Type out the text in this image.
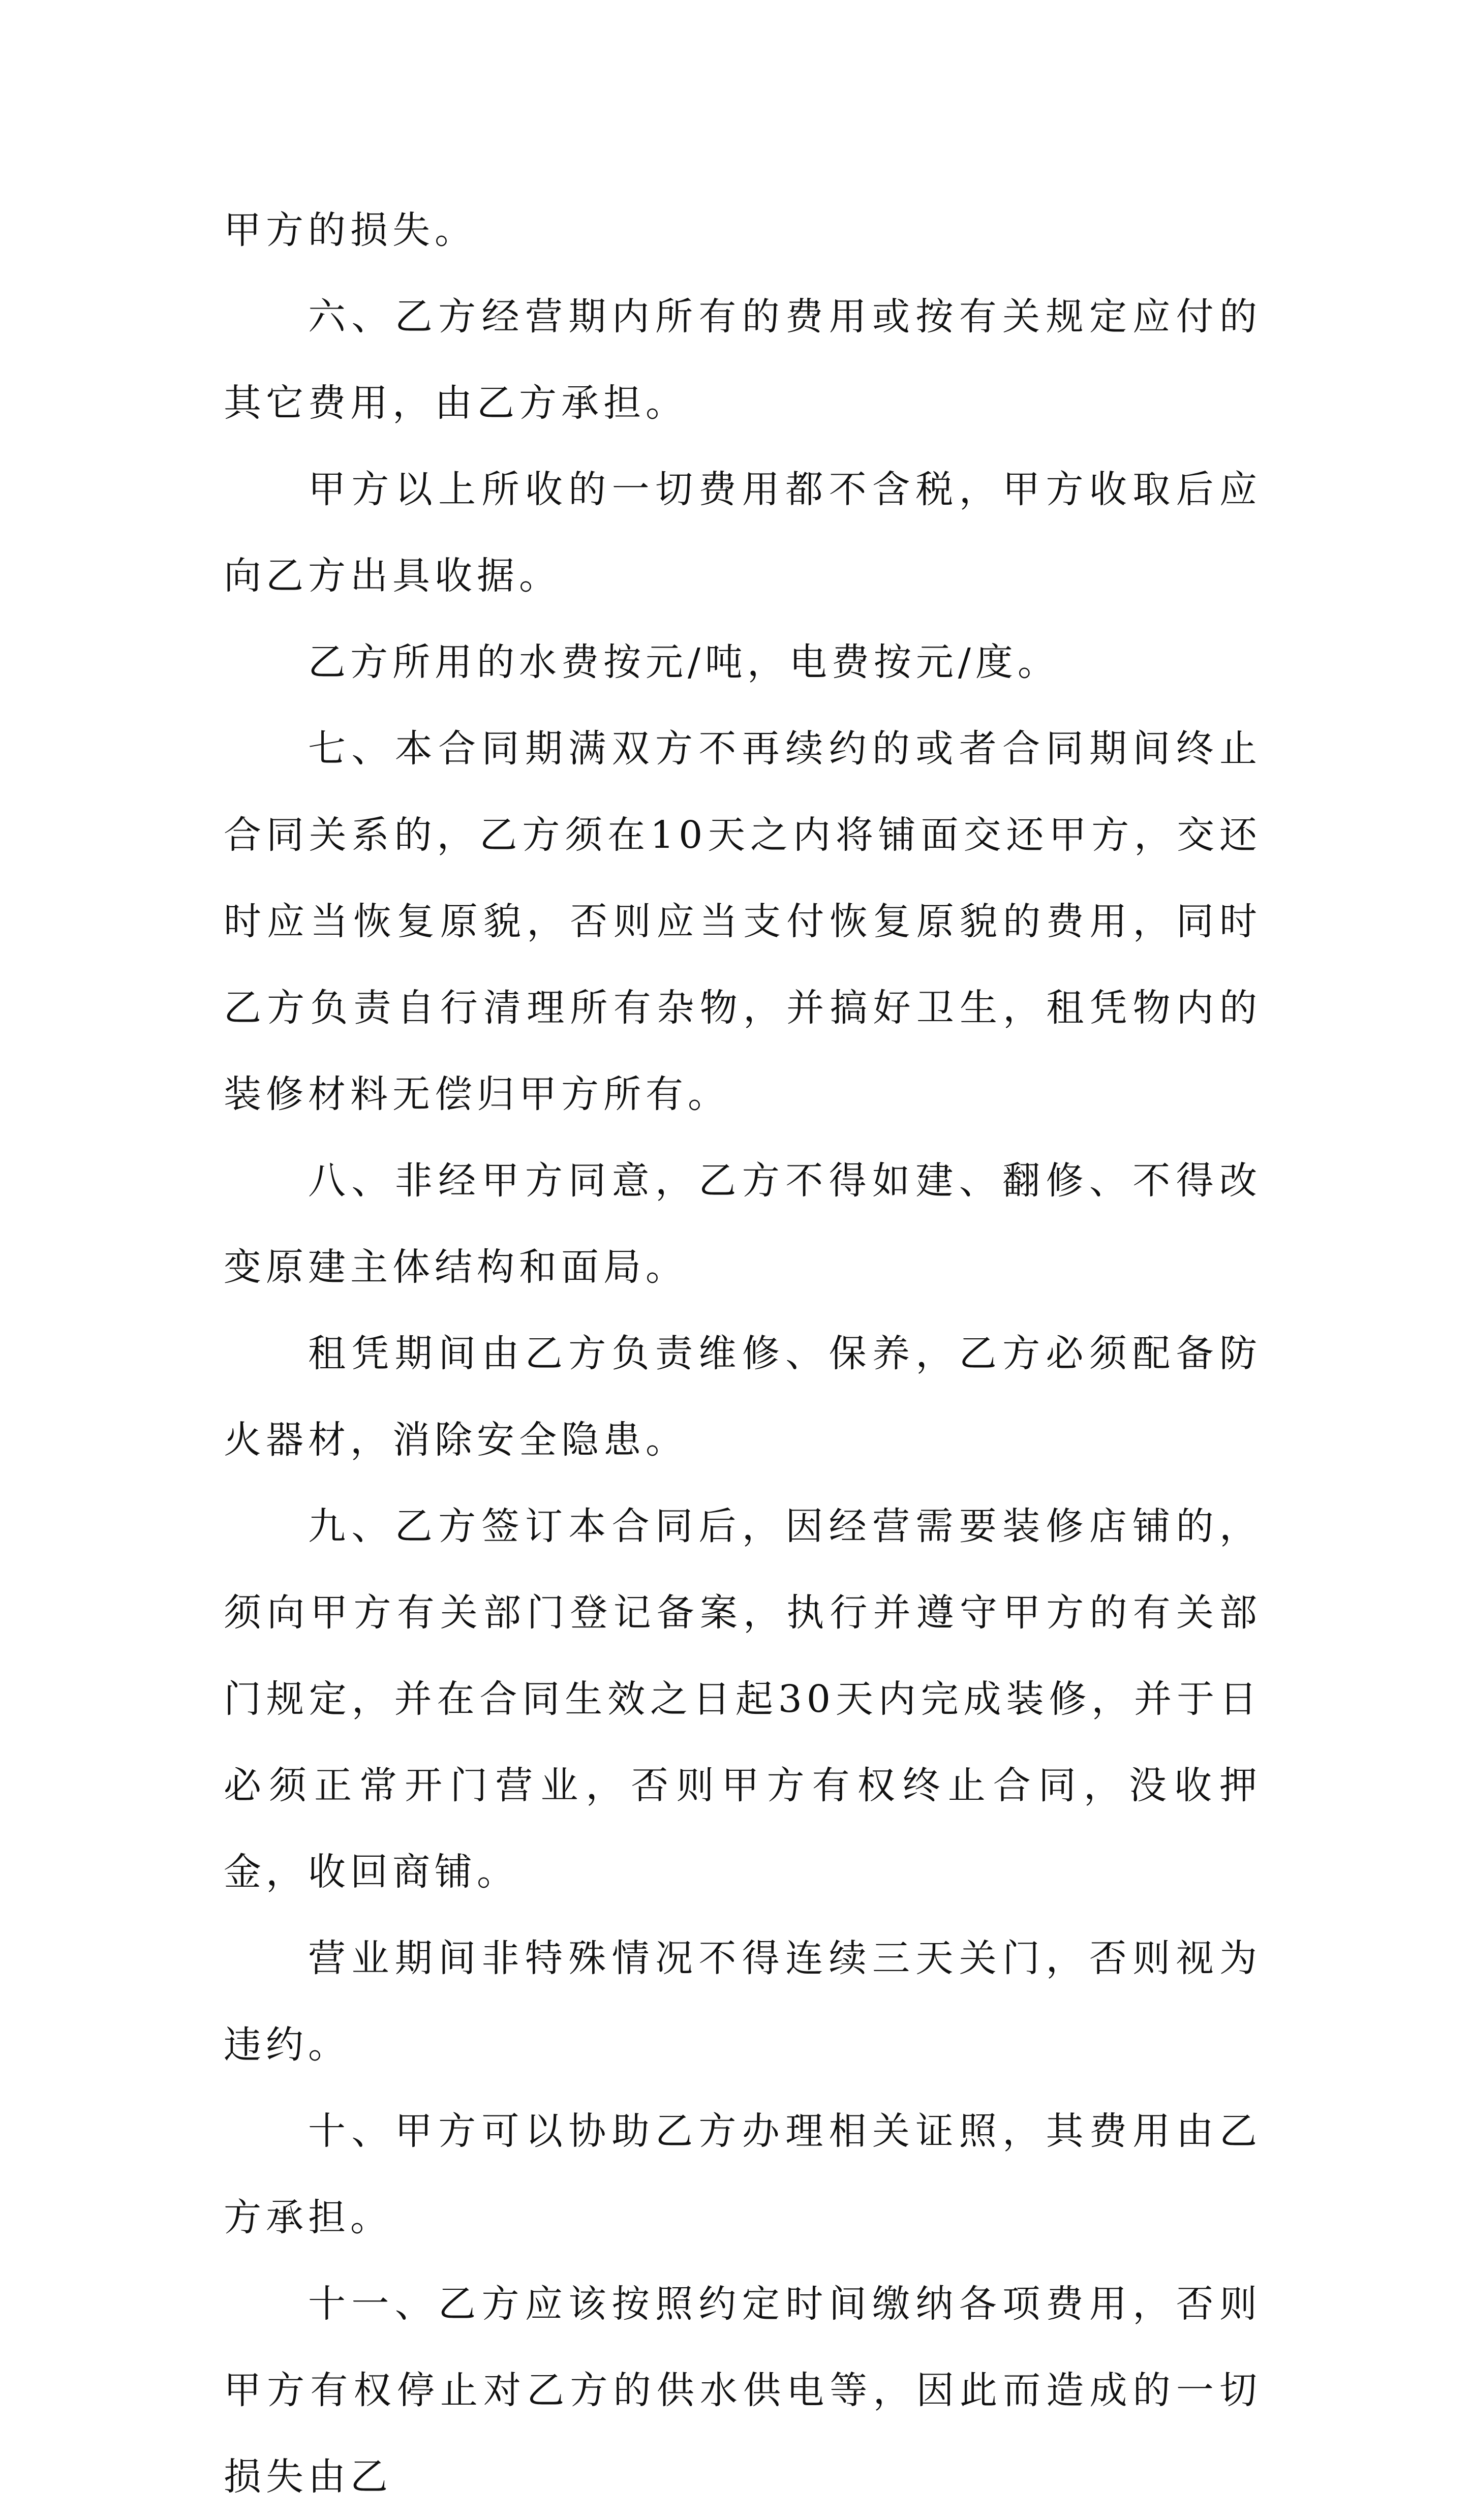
甲方的损失。

六、乙方经营期内所有的费用或按有关规定应付的其它费用，由乙方承担。

甲方以上所收的一切费用都不含税，甲方收取后应向乙方出具收据。

乙方所用的水费按元/吨，电费按元/度。

七、本合同期满双方不再续约的或者合同期间终止合同关系的，乙方须在10天之内将铺面交还甲方，交还时应当恢复原貌，否则应当支付恢复原貌的费用，同时乙方负责自行清理所有杂物，并搞好卫生，租凭物内的装修材料无偿归甲方所有。

八、非经甲方同意，乙方不得如建、翻修、不得改变原建主体结构和面局。

租凭期间由乙方负责维修、保养，乙方必须配备防火器材，消除安全隐患。

九、乙方签订本合同后，因经营需要装修店铺的，须向甲方有关部门登记备案，执行并遵守甲方的有关部门规定，并在合同生效之日起30天内完成装修，并于日必须正常开门营业，否则甲方有权终止合同，没收押金，收回商铺。

营业期间非特殊情况不得连续三天关门，否则视为违约。

十、甲方可以协助乙方办理相关证照，其费用由乙方承担。

十一、乙方应该按照约定时间缴纳各项费用，否则甲方有权停止对乙方的供水供电等，因此而造成的一切损失由乙
